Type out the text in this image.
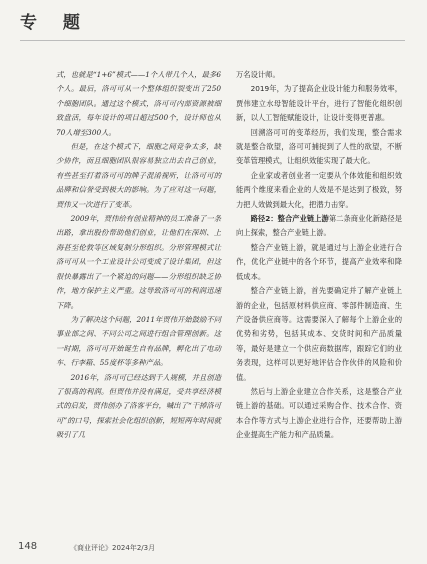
专 题

式，也就是“1+6”模式——1个人带几个人，最多6个人。最后，洛可可从一个整体组织裂变出了250个细胞团队。通过这个模式，洛可可内部资源被细致盘活，每年设计的项目超过500个，设计师也从70人增至300人。

但是，在这个模式下，细胞之间竞争太多，缺少协作，而且细胞团队很容易独立出去自己创业，有些甚至打着洛可可的牌子混淆视听，让洛可可的品牌和信誉受到极大的影响。为了应对这一问题，贾伟又一次进行了变革。

2009年，贾伟给有创业精神的员工准备了一条出路，拿出股份帮助他们创业，让他们在深圳、上海甚至伦敦等区域复制分形组织。分形管理模式让洛可可从一个工业设计公司变成了设计集团，但这很快暴露出了一个紧迫的问题——分形组织缺乏协作，地方保护主义严重。这导致洛可可的利润迅速下降。

为了解决这个问题，2011年贾伟开始鼓励不同事业部之间、不同公司之间进行组合管理创新。这一时期，洛可可开始诞生自有品牌，孵化出了电动车、行李箱、55度杯等多种产品。

2016年，洛可可已经达到千人规模，并且创造了很高的利润。但贾伟并没有满足，受共享经济模式的启发，贾伟创办了洛客平台，喊出了“干掉洛可可”的口号，探索社会化组织创新，短短两年时间就吸引了几

万名设计师。

2019年，为了提高企业设计能力和服务效率，贾伟建立水母智能设计平台，进行了智能化组织创新，以人工智能赋能设计，让设计变得更普惠。

回溯洛可可的变革经历，我们发现，整合需求就是整合欲望，洛可可捕捉到了人性的欲望，不断变革管理模式，让组织效能实现了最大化。

企业家或者创业者一定要从个体效能和组织效能两个维度来看企业的人效是不是达到了极致，努力把人效做到最大化，把潜力击穿。

路径2：整合产业链上游第二条商业化新路径是向上探索，整合产业链上游。

整合产业链上游，就是通过与上游企业进行合作，优化产业链中的各个环节，提高产业效率和降低成本。

整合产业链上游，首先要确定并了解产业链上游的企业，包括原材料供应商、零部件制造商、生产设备供应商等。这需要深入了解每个上游企业的优势和劣势，包括其成本、交货时间和产品质量等，最好是建立一个供应商数据库，跟踪它们的业务表现，这样可以更好地评估合作伙伴的风险和价值。

然后与上游企业建立合作关系，这是整合产业链上游的基础。可以通过采购合作、技术合作、资本合作等方式与上游企业进行合作，还要帮助上游企业提高生产能力和产品质量。

148	《商业评论》2024年2/3月
